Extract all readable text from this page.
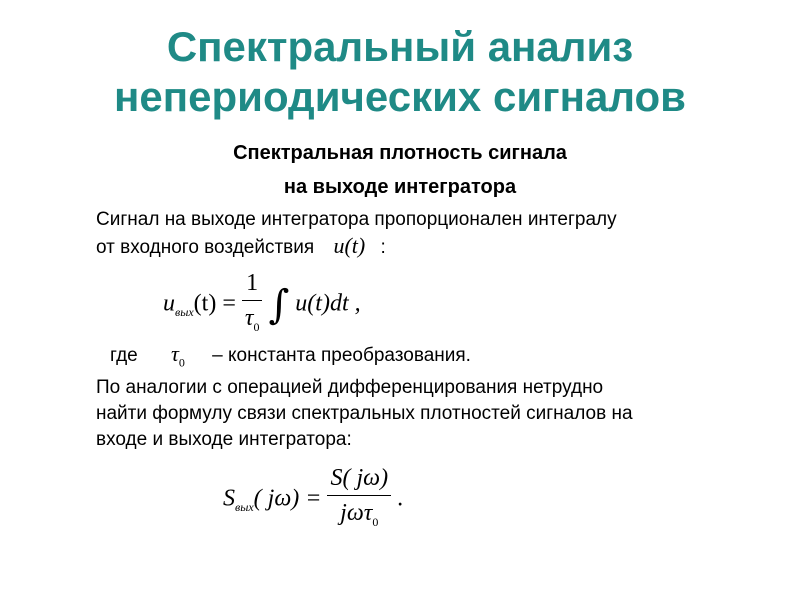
Спектральный анализ
непериодических сигналов
Спектральная плотность сигнала
на выходе интегратора
Сигнал на выходе интегратора пропорционален интегралу
от входного воздействия u(t) :
$u_{вых}(t) = \frac{1}{\tau_0}$ ∫ u(t)dt ,
где $\tau_0$ – константа преобразования.
По аналогии с операцией дифференцирования нетрудно
найти формулу связи спектральных плотностей сигналов на
входе и выходе интегратора:
$S_{вых}$( $j\omega) = \frac{S( j\omega)}{j\omega\tau_0}$ .
